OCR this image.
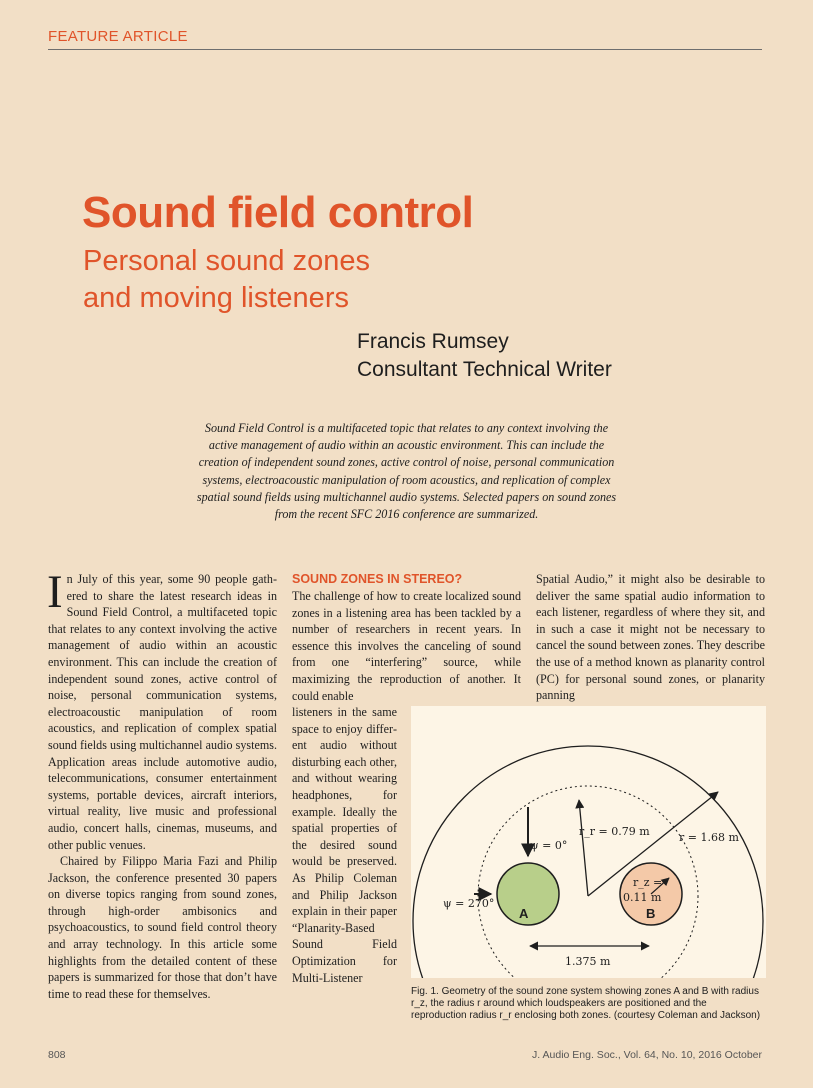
FEATURE ARTICLE
Sound field control
Personal sound zones
and moving listeners
Francis Rumsey
Consultant Technical Writer

Sound Field Control is a multifaceted topic that relates to any context involving the active management of audio within an acoustic environment. This can include the creation of independent sound zones, active control of noise, personal communication systems, electroacoustic manipulation of room acoustics, and replication of complex spatial sound fields using multichannel audio systems. Selected papers on sound zones from the recent SFC 2016 conference are summarized.

In July of this year, some 90 people gathered to share the latest research ideas in Sound Field Control, a multifaceted topic that relates to any context involving the active management of audio within an acoustic environment. This can include the creation of independent sound zones, active control of noise, personal communication systems, electroacoustic manipulation of room acoustics, and replication of complex spatial sound fields using multichannel audio systems. Application areas include automotive audio, telecommunications, consumer entertainment systems, portable devices, aircraft interiors, virtual reality, live music and professional audio, concert halls, cinemas, museums, and other public venues.

Chaired by Filippo Maria Fazi and Philip Jackson, the conference presented 30 papers on diverse topics ranging from sound zones, through high-order ambisonics and psychoacoustics, to sound field control theory and array technology. In this article some highlights from the detailed content of these papers is summarized for those that don’t have time to read these for themselves.

SOUND ZONES IN STEREO?

The challenge of how to create localized sound zones in a listening area has been tackled by a number of researchers in recent years. In essence this involves the canceling of sound from one “interfering” source, while maximizing the reproduction of another. It could enable

listeners in the same space to enjoy different audio without disturbing each other, and without wearing headphones, for example. Ideally the spatial properties of the desired sound would be preserved. As Philip Coleman and Philip Jackson explain in their paper “Planarity-Based Sound Field Optimization for Multi-Listener

Spatial Audio,” it might also be desirable to deliver the same spatial audio information to each listener, regardless of where they sit, and in such a case it might not be necessary to cancel the sound between zones. They describe the use of a method known as planarity control (PC) for personal sound zones, or planarity panning

ψ = 0°
ψ = 270°
r_r = 0.79 m	r = 1.68 m
r_z =
0.11 m
A	B
1.375 m
Fig. 1. Geometry of the sound zone system showing zones A and B with radius r_z, the radius r around which loudspeakers are positioned and the reproduction radius r_r enclosing both zones. (courtesy Coleman and Jackson)
808	J. Audio Eng. Soc., Vol. 64, No. 10, 2016 October
